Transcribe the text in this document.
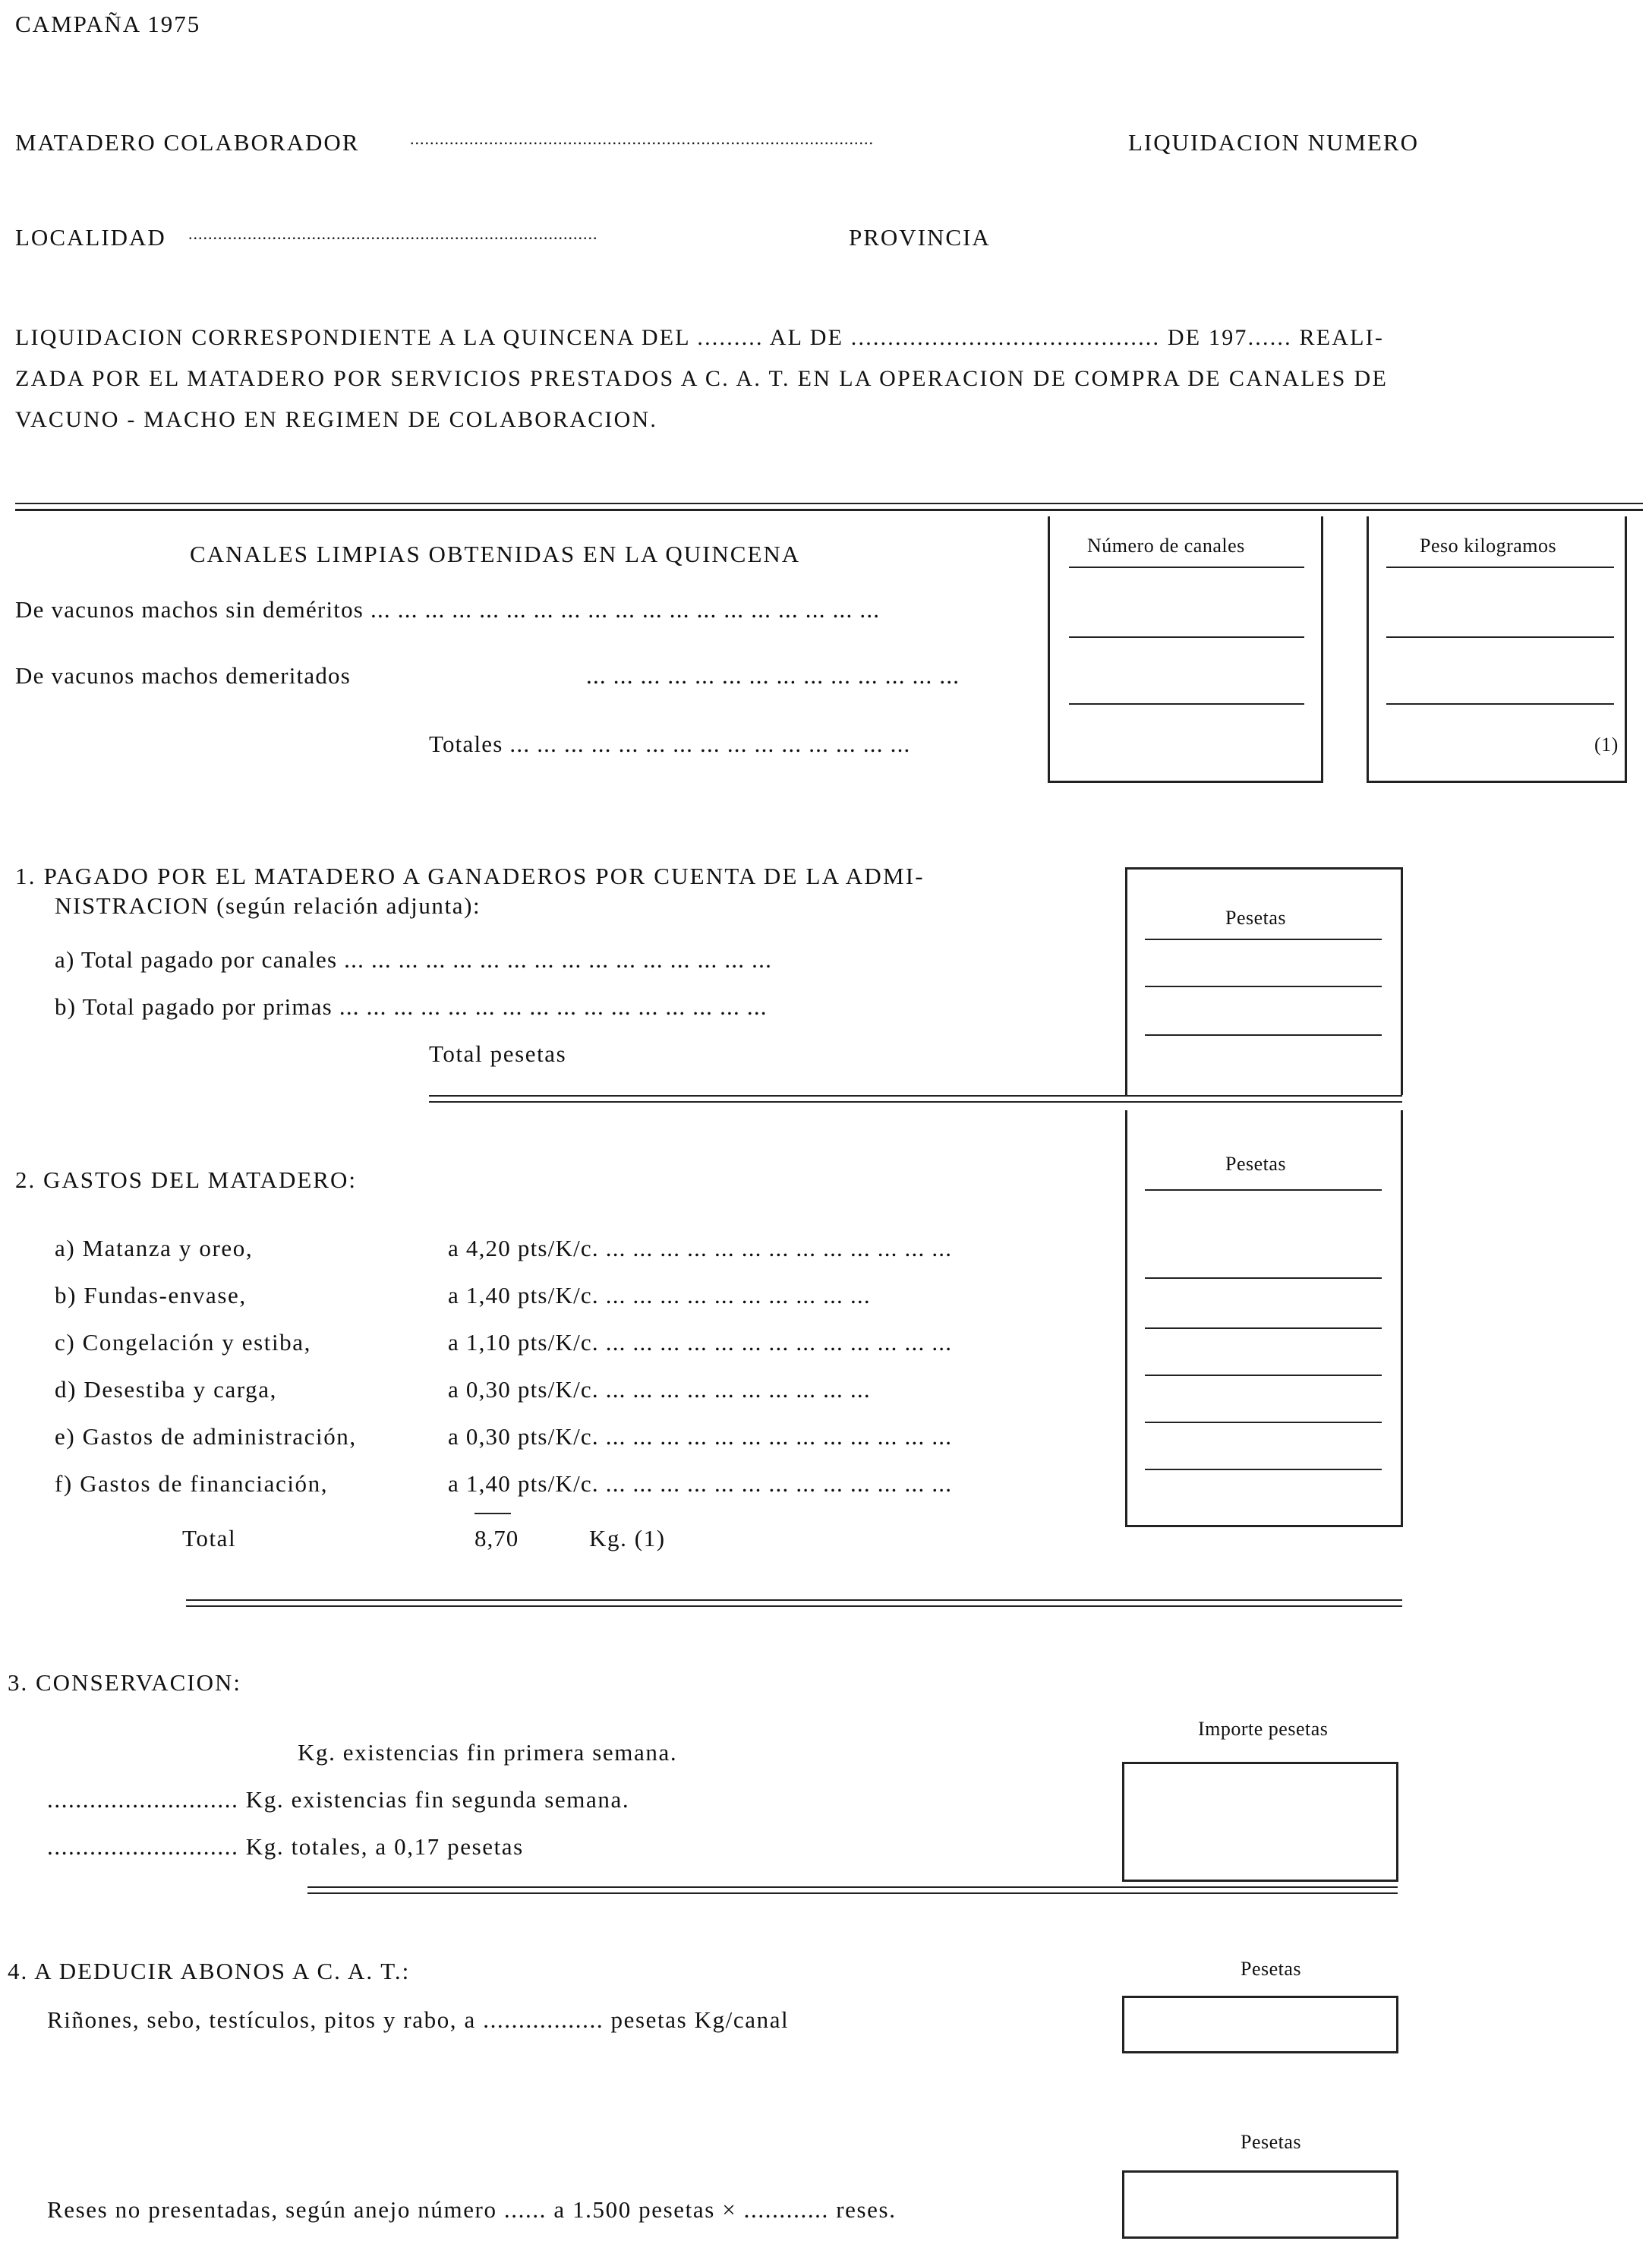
CAMPAÑA 1975
MATADERO COLABORADOR	..............................................................................................	LIQUIDACION NUMERO
LOCALIDAD ...................................................................................	PROVINCIA
LIQUIDACION CORRESPONDIENTE A LA QUINCENA DEL ......... AL DE .......................................... DE 197...... REALI-
ZADA POR EL MATADERO POR SERVICIOS PRESTADOS A C. A. T. EN LA OPERACION DE COMPRA DE CANALES DE
VACUNO - MACHO EN REGIMEN DE COLABORACION.
CANALES LIMPIAS OBTENIDAS EN LA QUINCENA	Número de canales	Peso kilogramos
(1)
De vacunos machos sin deméritos ... ... ... ... ... ... ... ... ... ... ... ... ... ... ... ... ... ... ...
De vacunos machos demeritados	... ... ... ... ... ... ... ... ... ... ... ... ... ...
Totales ... ... ... ... ... ... ... ... ... ... ... ... ... ... ...
1. PAGADO POR EL MATADERO A GANADEROS POR CUENTA DE LA ADMI-
NISTRACION (según relación adjunta):	Pesetas
a) Total pagado por canales ... ... ... ... ... ... ... ... ... ... ... ... ... ... ... ...
b) Total pagado por primas ... ... ... ... ... ... ... ... ... ... ... ... ... ... ... ...
Total pesetas
Pesetas
2. GASTOS DEL MATADERO:
a) Matanza y oreo,	a 4,20 pts/K/c. ... ... ... ... ... ... ... ... ... ... ... ... ...
b) Fundas-envase,	a 1,40 pts/K/c. ... ... ... ... ... ... ... ... ... ...
c) Congelación y estiba,	a 1,10 pts/K/c. ... ... ... ... ... ... ... ... ... ... ... ... ...
d) Desestiba y carga,	a 0,30 pts/K/c. ... ... ... ... ... ... ... ... ... ...
e) Gastos de administración,	a 0,30 pts/K/c. ... ... ... ... ... ... ... ... ... ... ... ... ...
f) Gastos de financiación,	a 1,40 pts/K/c. ... ... ... ... ... ... ... ... ... ... ... ... ...
Total	8,70	Kg. (1)
3. CONSERVACION:
Importe pesetas
Kg. existencias fin primera semana.
........................... Kg. existencias fin segunda semana.
........................... Kg. totales, a 0,17 pesetas
4. A DEDUCIR ABONOS A C. A. T.:	Pesetas
Riñones, sebo, testículos, pitos y rabo, a ................. pesetas Kg/canal
Pesetas
Reses no presentadas, según anejo número ...... a 1.500 pesetas × ............ reses.
